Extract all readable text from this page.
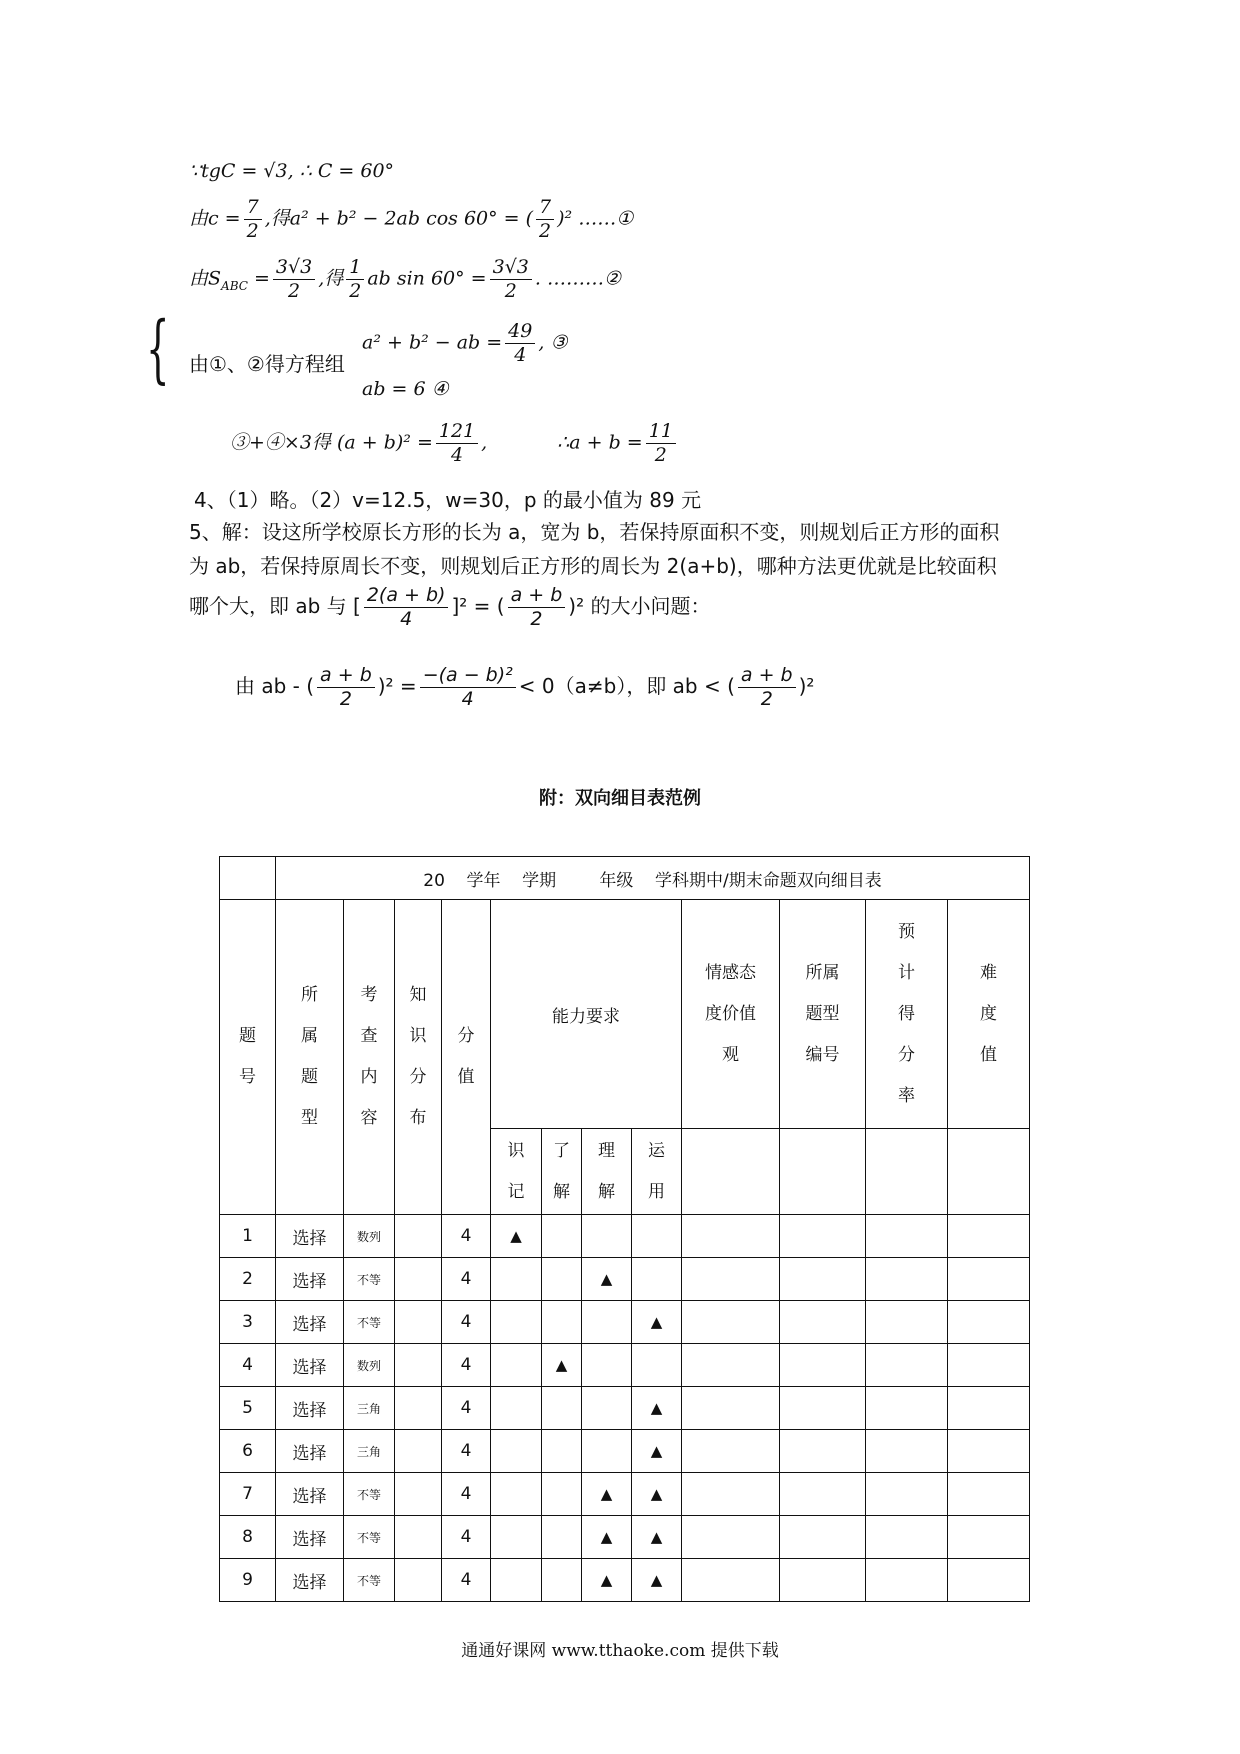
∵tgC = √3, ∴ C = 60°
由$c = \frac{7}{2}$ ,得a² + b² − 2ab cos 60° = ( $\frac{7}{2} )^2$ ……①
由$S_{ABC} = \frac{3√3}{2}$ ,得 $\frac{1}{2}$ ab $\sin 60^\circ = \frac{3√3}{2}$ . ………②
由①、②得方程组
{	a² + b² − ab = $\frac{49}{4}$ , ③
ab = 6 ④
③+④×3得 $(a + b)^2 = \frac{121}{4}$ ,	∴a + $b = \frac{11}{2}$
4、（1）略。（2）v=12.5，w=30，p 的最小值为 89 元
5、解：设这所学校原长方形的长为 a，宽为 b，若保持原面积不变，则规划后正方形的面积
为 ab，若保持原周长不变，则规划后正方形的周长为 2(a+b)，哪种方法更优就是比较面积
哪个大，即 ab 与 [ $\frac{2(a + b)}{4} ]^2$ = ( $\frac{a + b}{2} )^2$ 的大小问题：
由 ab - ( $\frac{a + b}{2} )^2 = \frac{\text{−(a − b)²}}{4} < 0(a\ne b)$，即 ab < ( $\frac{a + b}{2} )^2$
附：双向细目表范例
	20    学年    学期        年级    学科期中/期末命题双向细目表											

题
号	所
属
题
型	考
查
内
容	知
识
分
布	分
值	能力要求				情感态
度价值
观	所属
题型
编号	预
计
得
分
率	难
度
值

					识
记	了
解	理
解	运
用				

1	选择	数列		4	▲							
2	选择	不等		4			▲					
3	选择	不等		4				▲				
4	选择	数列		4		▲						
5	选择	三角		4				▲				
6	选择	三角		4				▲				
7	选择	不等		4			▲	▲				
8	选择	不等		4			▲	▲				
9	选择	不等		4			▲	▲				
通通好课网 www.tthaoke.com 提供下载
